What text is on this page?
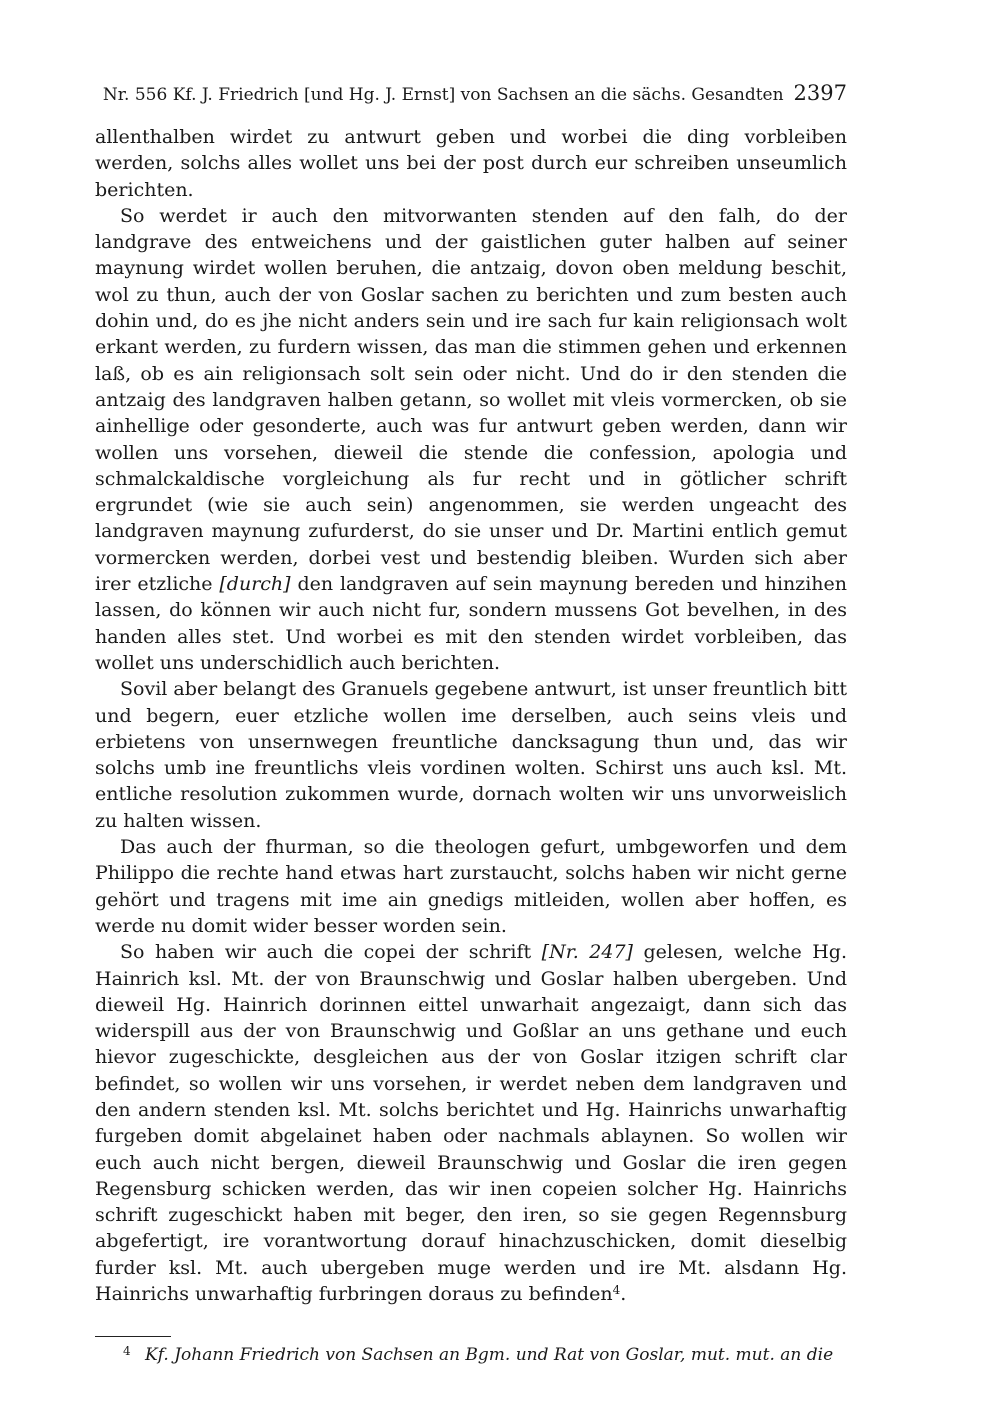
Nr. 556 Kf. J. Friedrich [und Hg. J. Ernst] von Sachsen an die sächs. Gesandten 2397

allenthalben wirdet zu antwurt geben und worbei die ding vorbleiben werden, solchs alles wollet uns bei der post durch eur schreiben unseumlich berichten.

So werdet ir auch den mitvorwanten stenden auf den falh, do der landgrave des entweichens und der gaistlichen guter halben auf seiner maynung wirdet wollen beruhen, die antzaig, dovon oben meldung beschit, wol zu thun, auch der von Goslar sachen zu berichten und zum besten auch dohin und, do es jhe nicht anders sein und ire sach fur kain religionsach wolt erkant werden, zu furdern wissen, das man die stimmen gehen und erkennen laß, ob es ain religionsach solt sein oder nicht. Und do ir den stenden die antzaig des landgraven halben getann, so wollet mit vleis vormercken, ob sie ainhellige oder gesonderte, auch was fur antwurt geben werden, dann wir wollen uns vorsehen, dieweil die stende die confession, apologia und schmalckaldische vorgleichung als fur recht und in götlicher schrift ergrundet (wie sie auch sein) angenommen, sie werden ungeacht des landgraven maynung zufurderst, do sie unser und Dr. Martini entlich gemut vormercken werden, dorbei vest und bestendig bleiben. Wurden sich aber irer etzliche [durch] den landgraven auf sein maynung bereden und hinzihen lassen, do können wir auch nicht fur, sondern mussens Got bevelhen, in des handen alles stet. Und worbei es mit den stenden wirdet vorbleiben, das wollet uns underschidlich auch berichten.

Sovil aber belangt des Granuels gegebene antwurt, ist unser freuntlich bitt und begern, euer etzliche wollen ime derselben, auch seins vleis und erbietens von unsernwegen freuntliche dancksagung thun und, das wir solchs umb ine freuntlichs vleis vordinen wolten. Schirst uns auch ksl. Mt. entliche resolution zukommen wurde, dornach wolten wir uns unvorweislich zu halten wissen.

Das auch der fhurman, so die theologen gefurt, umbgeworfen und dem Philippo die rechte hand etwas hart zurstaucht, solchs haben wir nicht gerne gehört und tragens mit ime ain gnedigs mitleiden, wollen aber hoffen, es werde nu domit wider besser worden sein.

So haben wir auch die copei der schrift [Nr. 247] gelesen, welche Hg. Hainrich ksl. Mt. der von Braunschwig und Goslar halben ubergeben. Und dieweil Hg. Hainrich dorinnen eittel unwarhait angezaigt, dann sich das widerspill aus der von Braunschwig und Goßlar an uns gethane und euch hievor zugeschickte, desgleichen aus der von Goslar itzigen schrift clar befindet, so wollen wir uns vorsehen, ir werdet neben dem landgraven und den andern stenden ksl. Mt. solchs berichtet und Hg. Hainrichs unwarhaftig furgeben domit abgelainet haben oder nachmals ablaynen. So wollen wir euch auch nicht bergen, dieweil Braunschwig und Goslar die iren gegen Regensburg schicken werden, das wir inen copeien solcher Hg. Hainrichs schrift zugeschickt haben mit beger, den iren, so sie gegen Regennsburg abgefertigt, ire vorantwortung dorauf hinachzuschicken, domit dieselbig furder ksl. Mt. auch ubergeben muge werden und ire Mt. alsdann Hg. Hainrichs unwarhaftig furbringen doraus zu befinden$^4$.

4 Kf. Johann Friedrich von Sachsen an Bgm. und Rat von Goslar, mut. mut. an die
